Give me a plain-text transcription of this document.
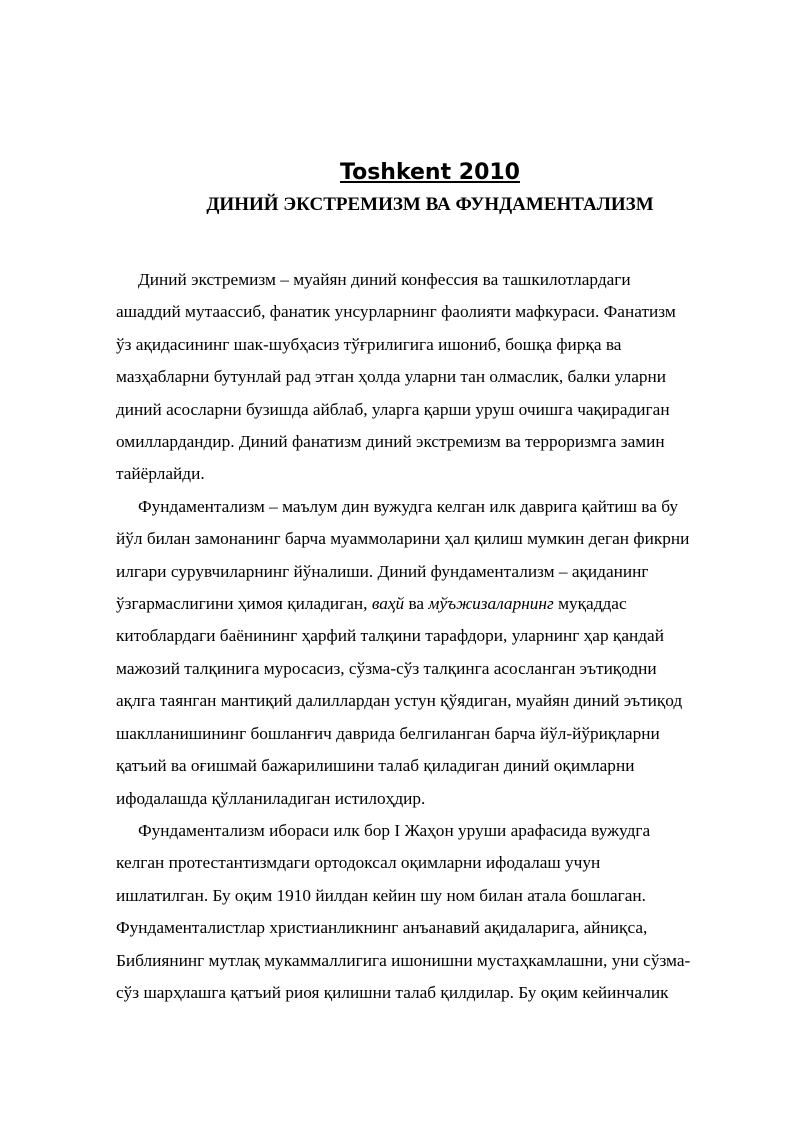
Toshkent 2010
ДИНИЙ ЭКСТРЕМИЗМ ВА ФУНДАМЕНТАЛИЗМ
Диний экстремизм – муайян диний конфессия ва ташкилотлардаги
ашаддий мутаассиб, фанатик унсурларнинг фаолияти мафкураси. Фанатизм
ўз ақидасининг шак-шубҳасиз тўғрилигига ишониб, бошқа фирқа ва
мазҳабларни бутунлай рад этган ҳолда уларни тан олмаслик, балки уларни
диний асосларни бузишда айблаб, уларга қарши уруш очишга чақирадиган
омиллардандир. Диний фанатизм диний экстремизм ва терроризмга замин
тайёрлайди.
Фундаментализм – маълум дин вужудга келган илк даврига қайтиш ва бу
йўл билан замонанинг барча муаммоларини ҳал қилиш мумкин деган фикрни
илгари сурувчиларнинг йўналиши. Диний фундаментализм – ақиданинг
ўзгармаслигини ҳимоя қиладиган, ваҳй ва мўъжизаларнинг муқаддас
китоблардаги баёнининг ҳарфий талқини тарафдори, уларнинг ҳар қандай
мажозий талқинига муросасиз, сўзма-сўз талқинга асосланган эътиқодни
ақлга таянган мантиқий далиллардан устун қўядиган, муайян диний эътиқод
шаклланишининг бошланғич даврида белгиланган барча йўл-йўриқларни
қатъий ва оғишмай бажарилишини талаб қиладиган диний оқимларни
ифодалашда қўлланиладиган истилоҳдир.
Фундаментализм ибораси илк бор I Жаҳон уруши арафасида вужудга
келган протестантизмдаги ортодоксал оқимларни ифодалаш учун
ишлатилган. Бу оқим 1910 йилдан кейин шу ном билан атала бошлаган.
Фундаменталистлар христианликнинг анъанавий ақидаларига, айниқса,
Библиянинг мутлақ мукаммаллигига ишонишни мустаҳкамлашни, уни сўзма-
сўз шарҳлашга қатъий риоя қилишни талаб қилдилар. Бу оқим кейинчалик
